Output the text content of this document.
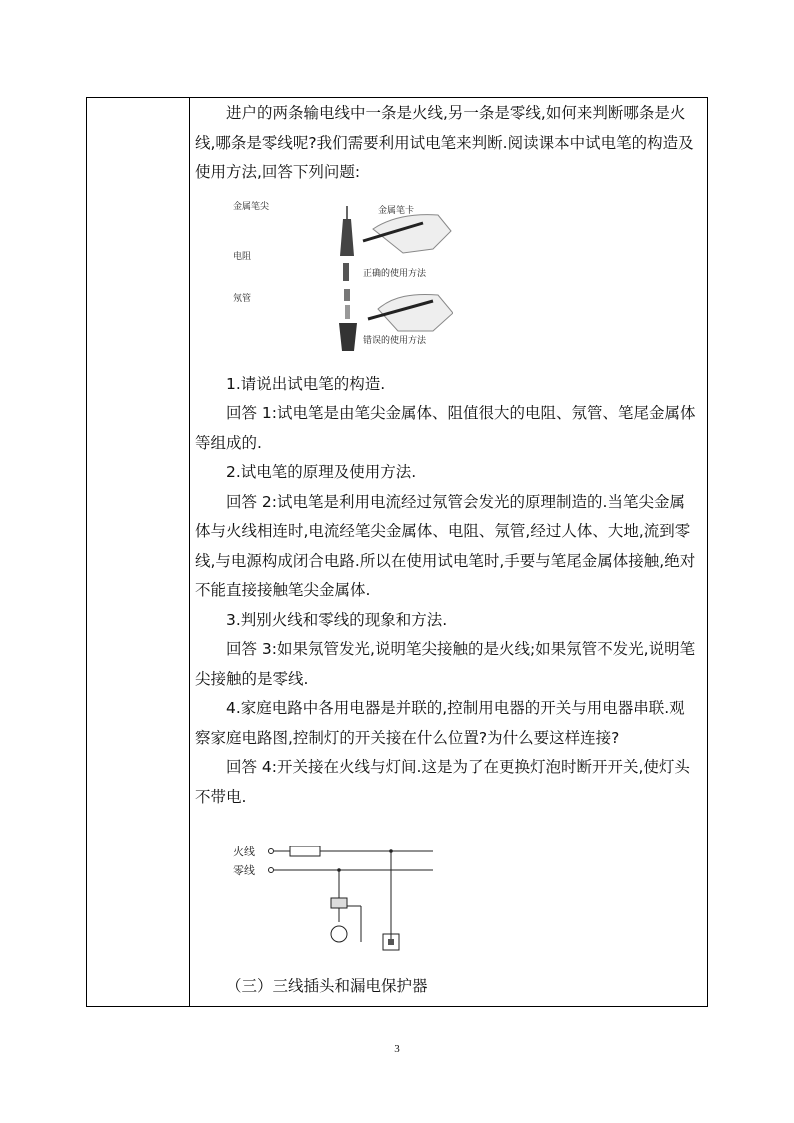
进户的两条输电线中一条是火线,另一条是零线,如何来判断哪条是火线,哪条是零线呢?我们需要利用试电笔来判断.阅读课本中试电笔的构造及使用方法,回答下列问题:

1.请说出试电笔的构造.

回答 1:试电笔是由笔尖金属体、阻值很大的电阻、氖管、笔尾金属体等组成的.

2.试电笔的原理及使用方法.

回答 2:试电笔是利用电流经过氖管会发光的原理制造的.当笔尖金属体与火线相连时,电流经笔尖金属体、电阻、氖管,经过人体、大地,流到零线,与电源构成闭合电路.所以在使用试电笔时,手要与笔尾金属体接触,绝对不能直接接触笔尖金属体.

3.判别火线和零线的现象和方法.

回答 3:如果氖管发光,说明笔尖接触的是火线;如果氖管不发光,说明笔尖接触的是零线.

4.家庭电路中各用电器是并联的,控制用电器的开关与用电器串联.观察家庭电路图,控制灯的开关接在什么位置?为什么要这样连接?

回答 4:开关接在火线与灯间.这是为了在更换灯泡时断开开关,使灯头不带电.

（三）三线插头和漏电保护器

金属笔尖
电阻
氖管
金属笔卡
正确的使用方法
错误的使用方法
火线
零线
3
